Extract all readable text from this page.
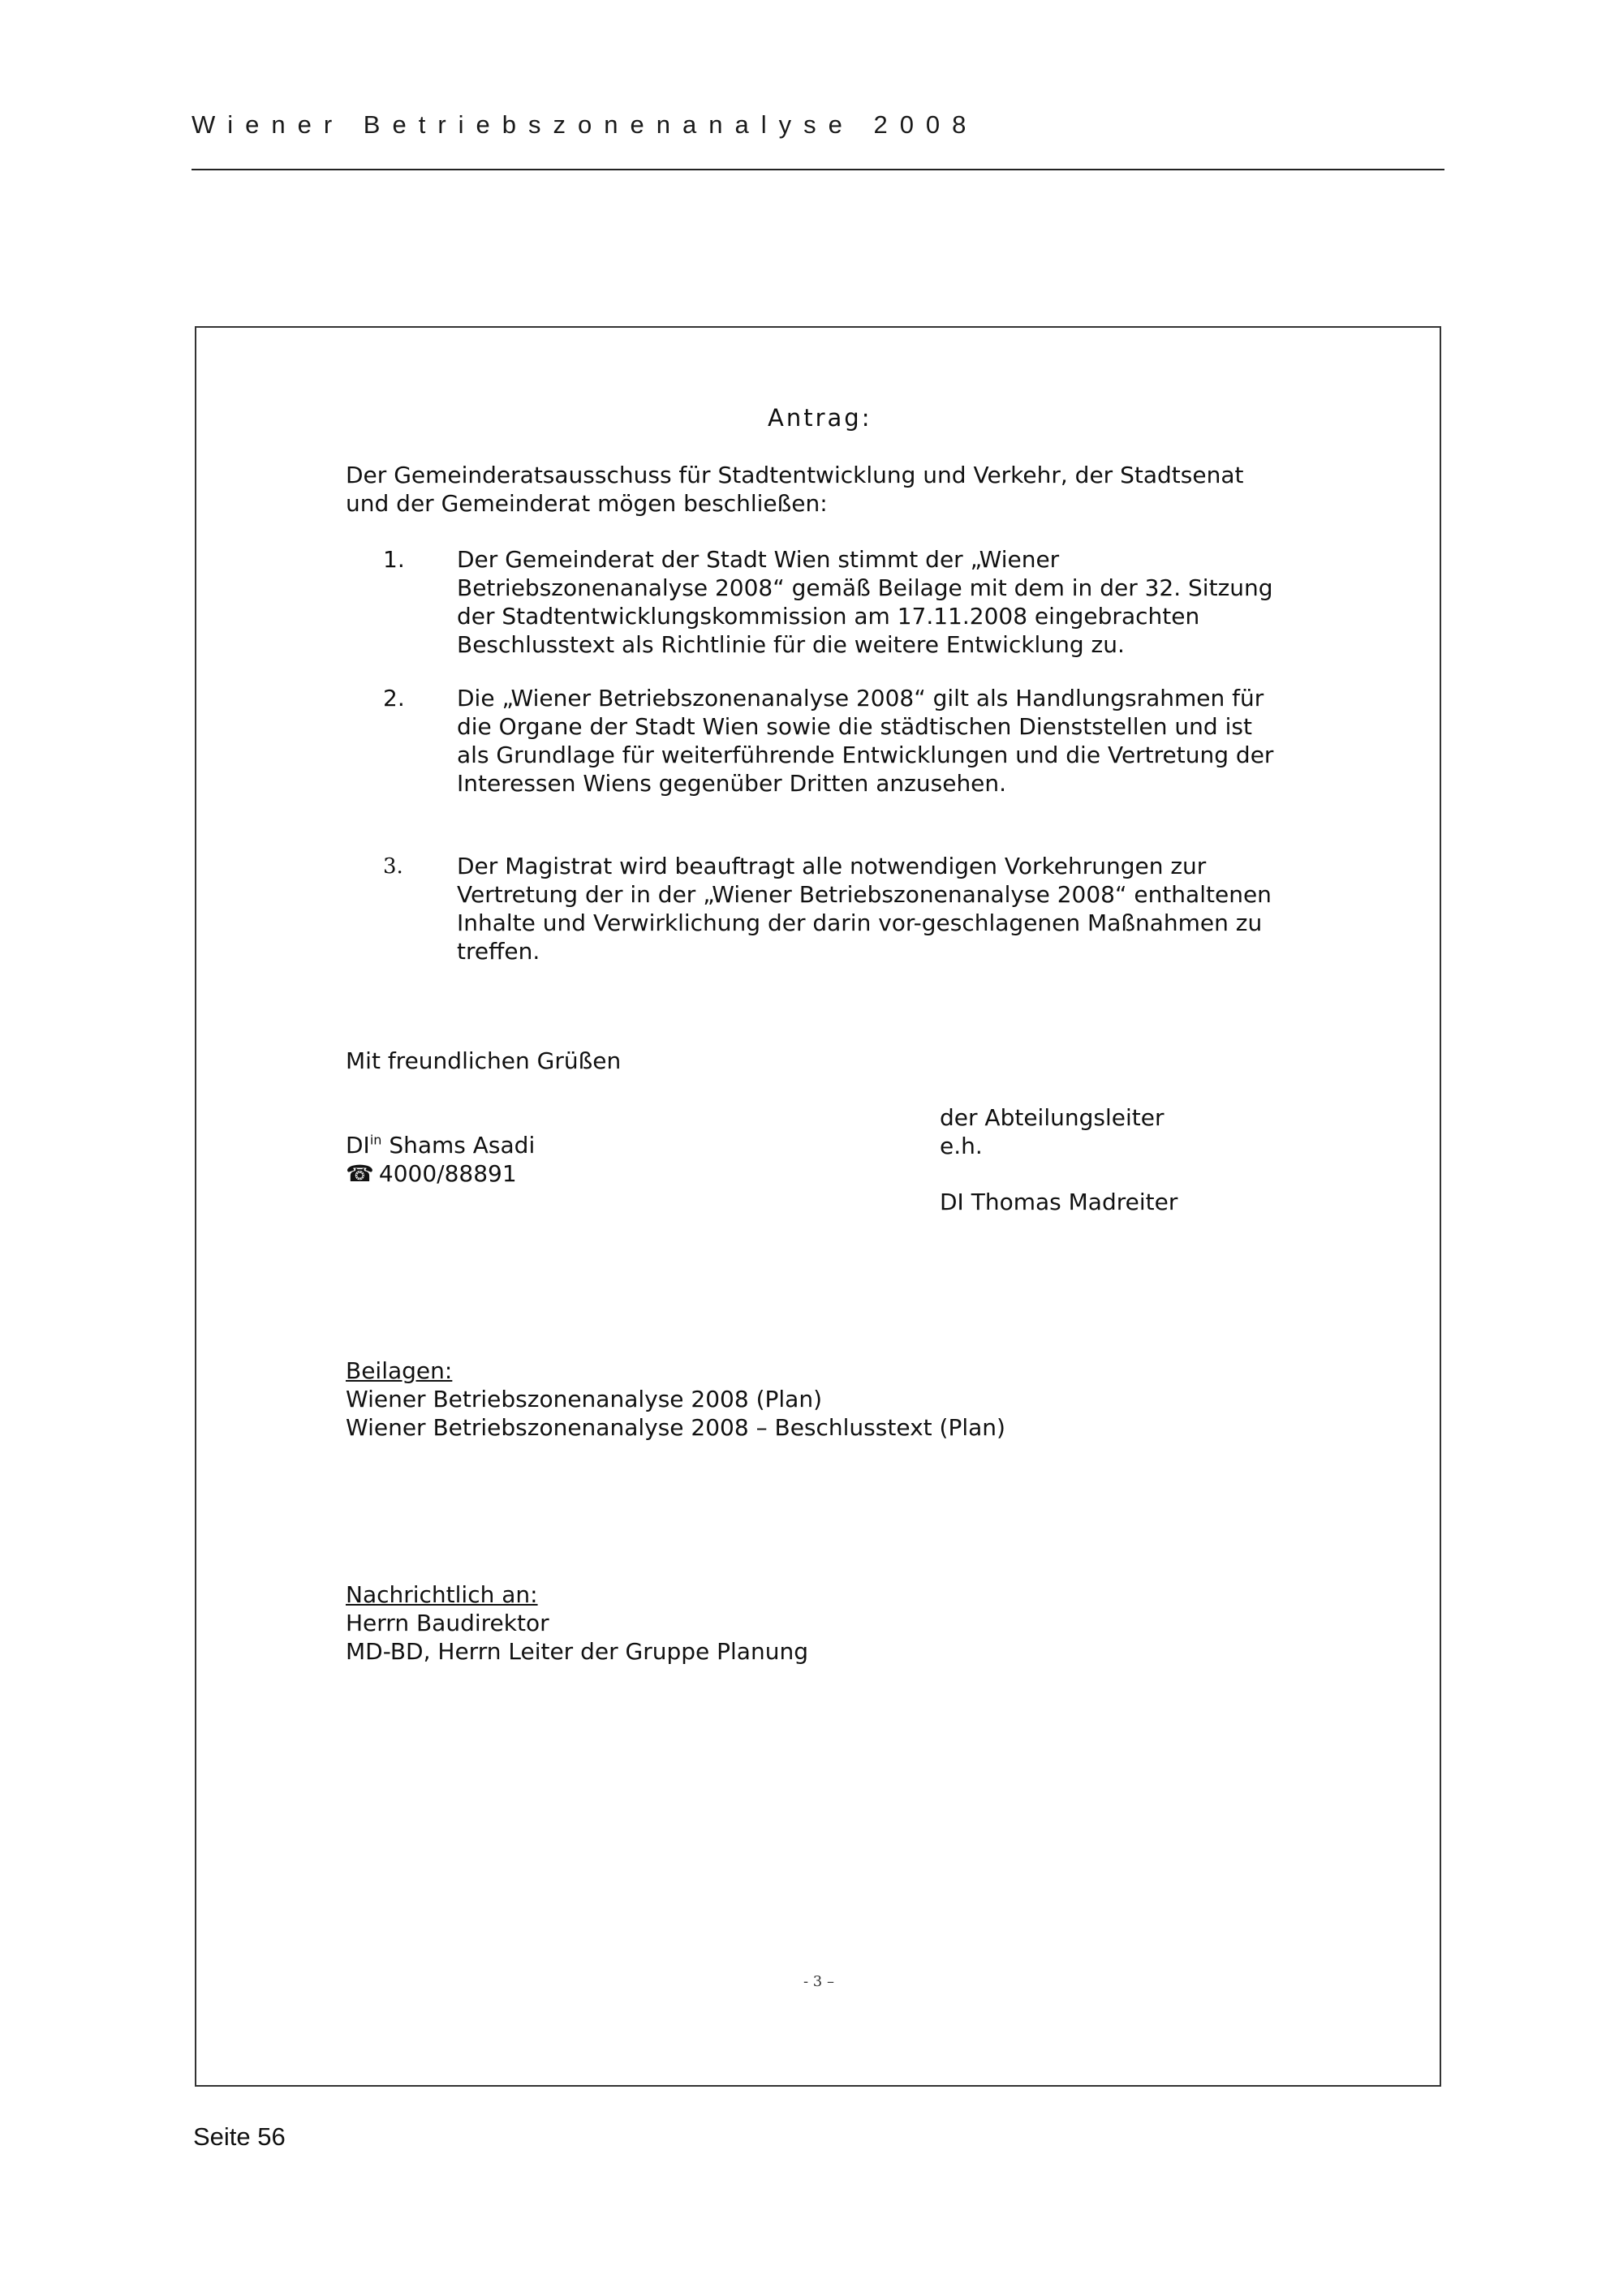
Wiener Betriebszonenanalyse 2008
Antrag:
Der Gemeinderatsausschuss für Stadtentwicklung und Verkehr, der Stadtsenat
und der Gemeinderat mögen beschließen:
1. Der Gemeinderat der Stadt Wien stimmt der „Wiener
Betriebszonenanalyse 2008“ gemäß Beilage mit dem in der 32. Sitzung
der Stadtentwicklungskommission am 17.11.2008 eingebrachten
Beschlusstext als Richtlinie für die weitere Entwicklung zu.
2. Die „Wiener Betriebszonenanalyse 2008“ gilt als Handlungsrahmen für
die Organe der Stadt Wien sowie die städtischen Dienststellen und ist
als Grundlage für weiterführende Entwicklungen und die Vertretung der
Interessen Wiens gegenüber Dritten anzusehen.
3. Der Magistrat wird beauftragt alle notwendigen Vorkehrungen zur
Vertretung der in der „Wiener Betriebszonenanalyse 2008“ enthaltenen
Inhalte und Verwirklichung der darin vor-geschlagenen Maßnahmen zu
treffen.
Mit freundlichen Grüßen
$DI^{in}$ Shams Asadi
☎ 4000/88891
der Abteilungsleiter
e.h.
DI Thomas Madreiter
Beilagen:
Wiener Betriebszonenanalyse 2008 (Plan)
Wiener Betriebszonenanalyse 2008 – Beschlusstext (Plan)
Nachrichtlich an:
Herrn Baudirektor
MD-BD, Herrn Leiter der Gruppe Planung
- 3 –
Seite 56
